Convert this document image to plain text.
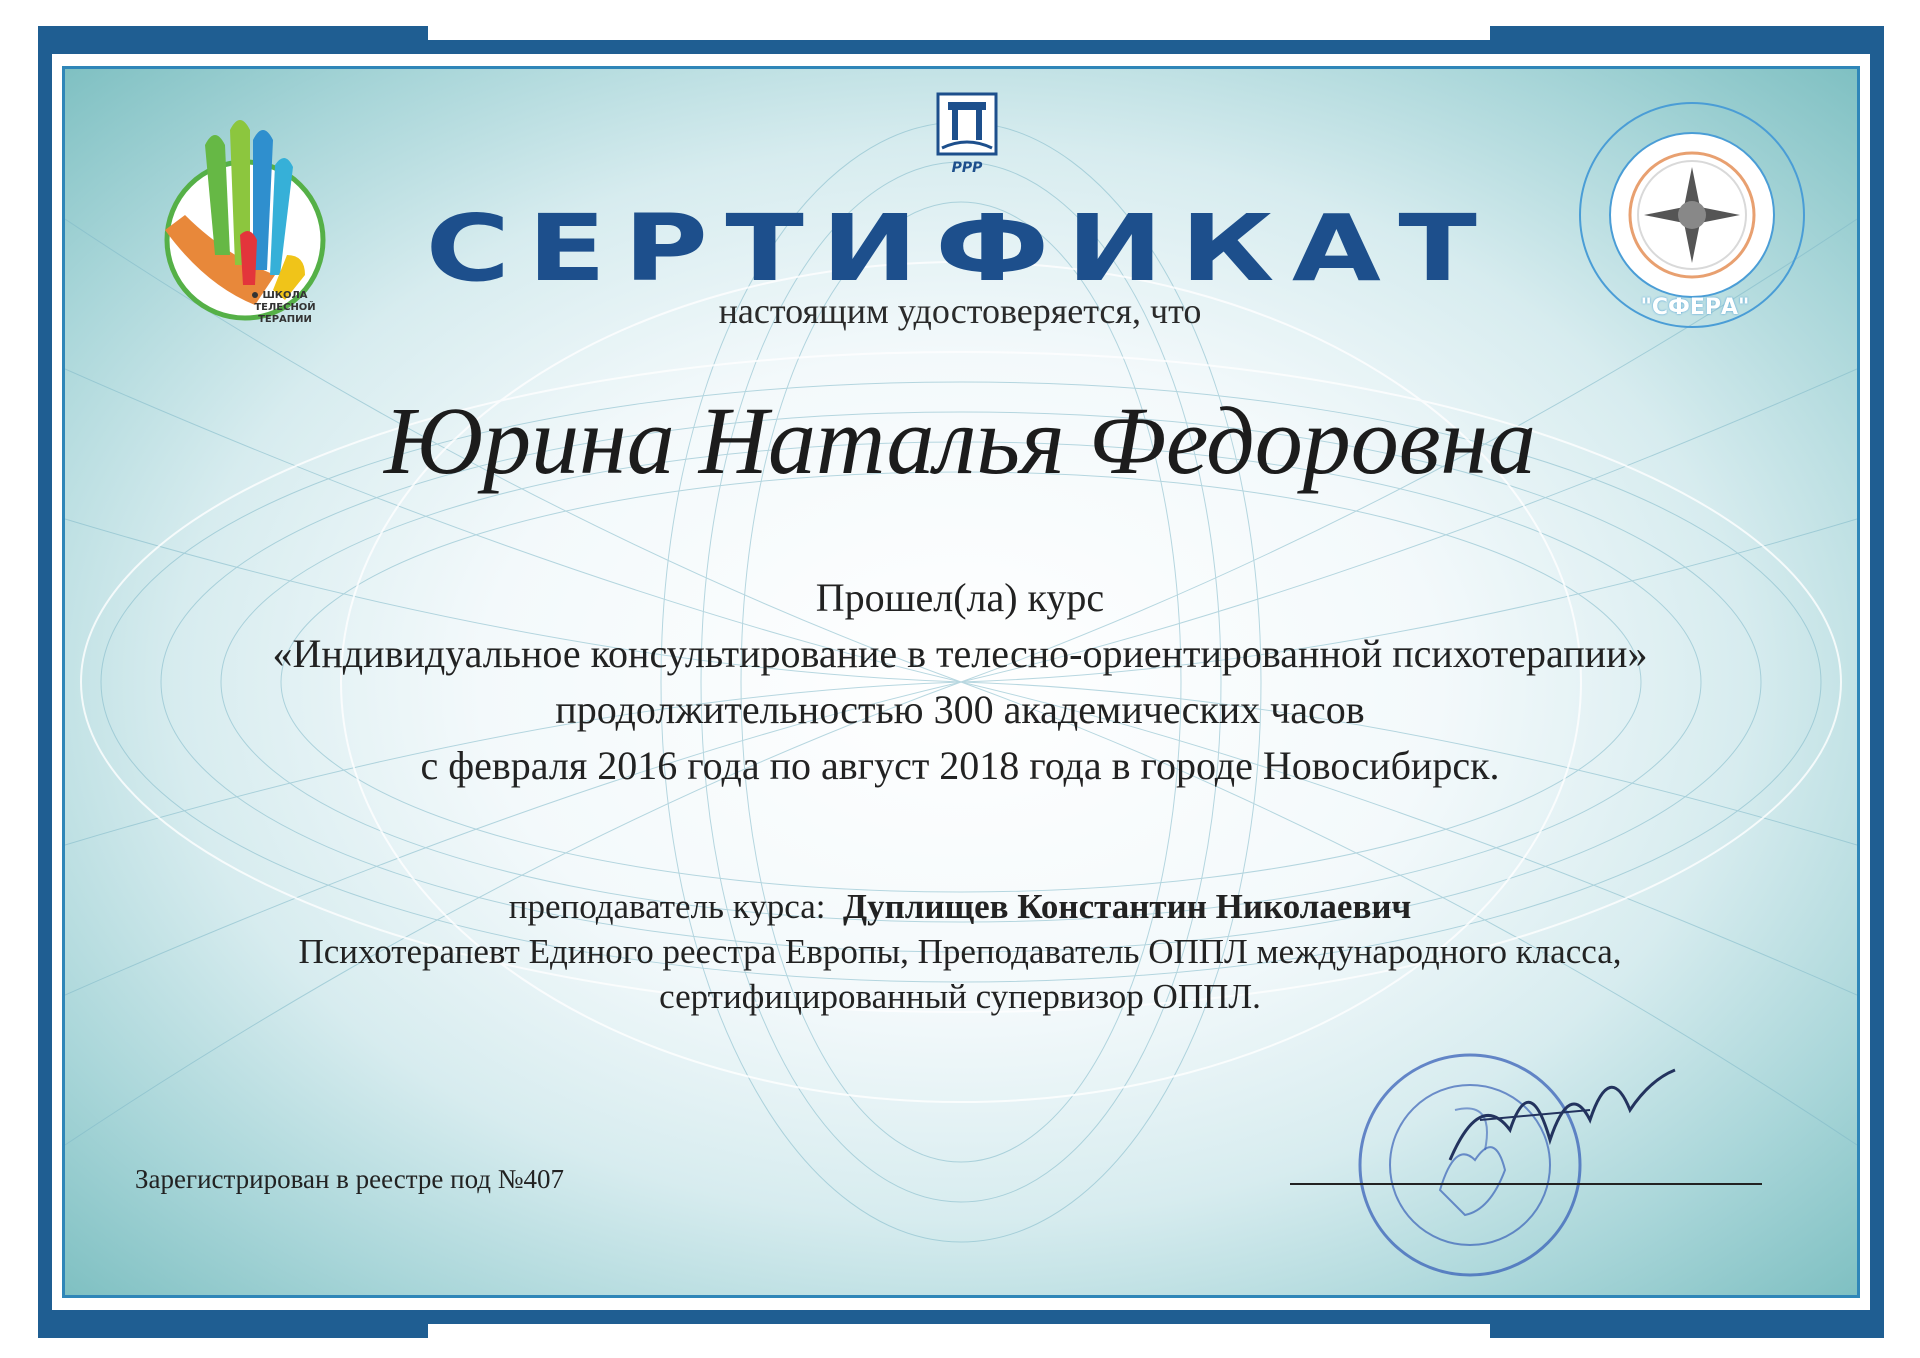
ШКОЛА ТЕЛЕСНОЙ ТЕРАПИИ
PPP
"СФЕРА"
СЕРТИФИКАТ
настоящим удостоверяется, что
Юрина Наталья Федоровна
Прошел(ла) курс
«Индивидуальное консультирование в телесно-ориентированной психотерапии»
продолжительностью 300 академических часов
с февраля 2016 года по август 2018 года в городе Новосибирск.
преподаватель курса: Дуплищев Константин Николаевич
Психотерапевт Единого реестра Европы, Преподаватель ОППЛ международного класса,
сертифицированный супервизор ОППЛ.
Зарегистрирован в реестре под №407
